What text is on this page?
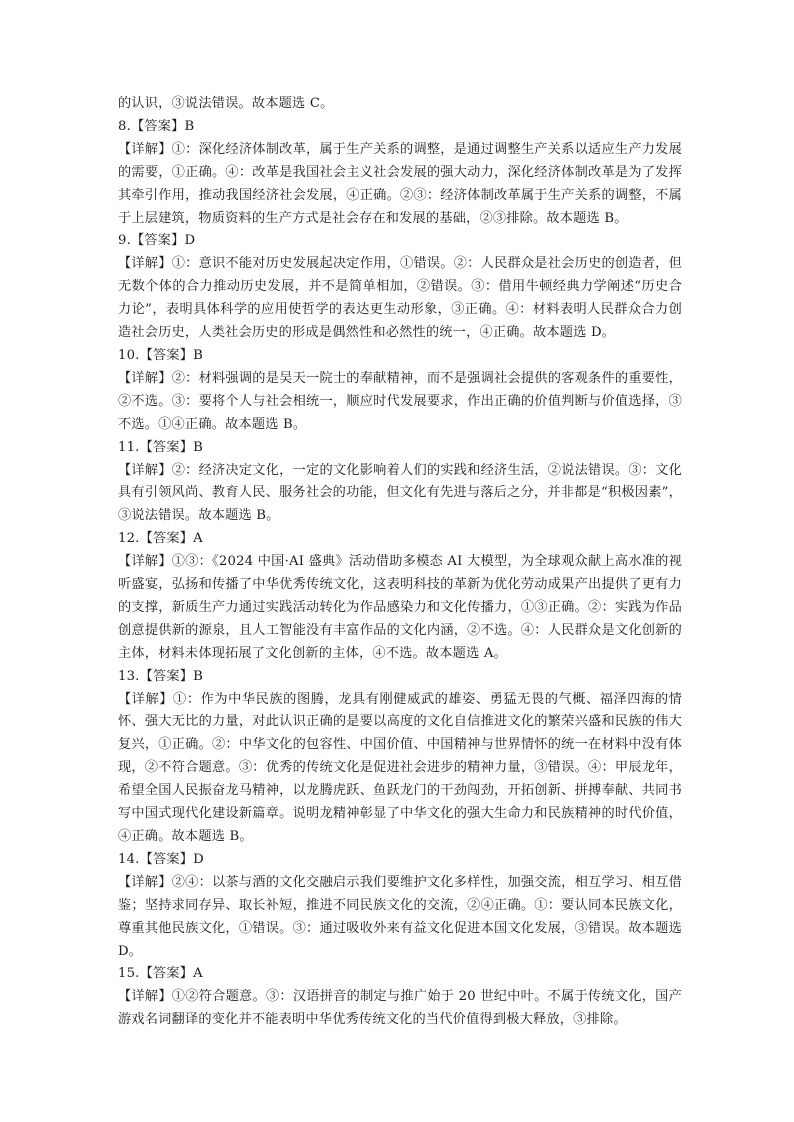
的认识，③说法错误。故本题选 C。

8.【答案】B

【详解】①：深化经济体制改革，属于生产关系的调整，是通过调整生产关系以适应生产力发展的需要，①正确。④：改革是我国社会主义社会发展的强大动力，深化经济体制改革是为了发挥其牵引作用，推动我国经济社会发展，④正确。②③：经济体制改革属于生产关系的调整，不属于上层建筑，物质资料的生产方式是社会存在和发展的基础，②③排除。故本题选 B。

9.【答案】D

【详解】①：意识不能对历史发展起决定作用，①错误。②：人民群众是社会历史的创造者，但无数个体的合力推动历史发展，并不是简单相加，②错误。③：借用牛顿经典力学阐述“历史合力论”，表明具体科学的应用使哲学的表达更生动形象，③正确。④：材料表明人民群众合力创造社会历史，人类社会历史的形成是偶然性和必然性的统一，④正确。故本题选 D。

10.【答案】B

【详解】②：材料强调的是吴天一院士的奉献精神，而不是强调社会提供的客观条件的重要性，②不选。③：要将个人与社会相统一，顺应时代发展要求，作出正确的价值判断与价值选择，③不选。①④正确。故本题选 B。

11.【答案】B

【详解】②：经济决定文化，一定的文化影响着人们的实践和经济生活，②说法错误。③：文化具有引领风尚、教育人民、服务社会的功能，但文化有先进与落后之分，并非都是“积极因素”，③说法错误。故本题选 B。

12.【答案】A

【详解】①③：《2024 中国·AI 盛典》活动借助多模态 AI 大模型，为全球观众献上高水准的视听盛宴，弘扬和传播了中华优秀传统文化，这表明科技的革新为优化劳动成果产出提供了更有力的支撑，新质生产力通过实践活动转化为作品感染力和文化传播力，①③正确。②：实践为作品创意提供新的源泉，且人工智能没有丰富作品的文化内涵，②不选。④：人民群众是文化创新的主体，材料未体现拓展了文化创新的主体，④不选。故本题选 A。

13.【答案】B

【详解】①：作为中华民族的图腾，龙具有刚健威武的雄姿、勇猛无畏的气概、福泽四海的情怀、强大无比的力量，对此认识正确的是要以高度的文化自信推进文化的繁荣兴盛和民族的伟大复兴，①正确。②：中华文化的包容性、中国价值、中国精神与世界情怀的统一在材料中没有体现，②不符合题意。③：优秀的传统文化是促进社会进步的精神力量，③错误。④：甲辰龙年，希望全国人民振奋龙马精神，以龙腾虎跃、鱼跃龙门的干劲闯劲，开拓创新、拼搏奉献、共同书写中国式现代化建设新篇章。说明龙精神彰显了中华文化的强大生命力和民族精神的时代价值，④正确。故本题选 B。

14.【答案】D

【详解】②④：以茶与酒的文化交融启示我们要维护文化多样性，加强交流，相互学习、相互借鉴；坚持求同存异、取长补短，推进不同民族文化的交流，②④正确。①：要认同本民族文化，尊重其他民族文化，①错误。③：通过吸收外来有益文化促进本国文化发展，③错误。故本题选 D。

15.【答案】A

【详解】①②符合题意。③：汉语拼音的制定与推广始于 20 世纪中叶。不属于传统文化，国产游戏名词翻译的变化并不能表明中华优秀传统文化的当代价值得到极大释放，③排除。
